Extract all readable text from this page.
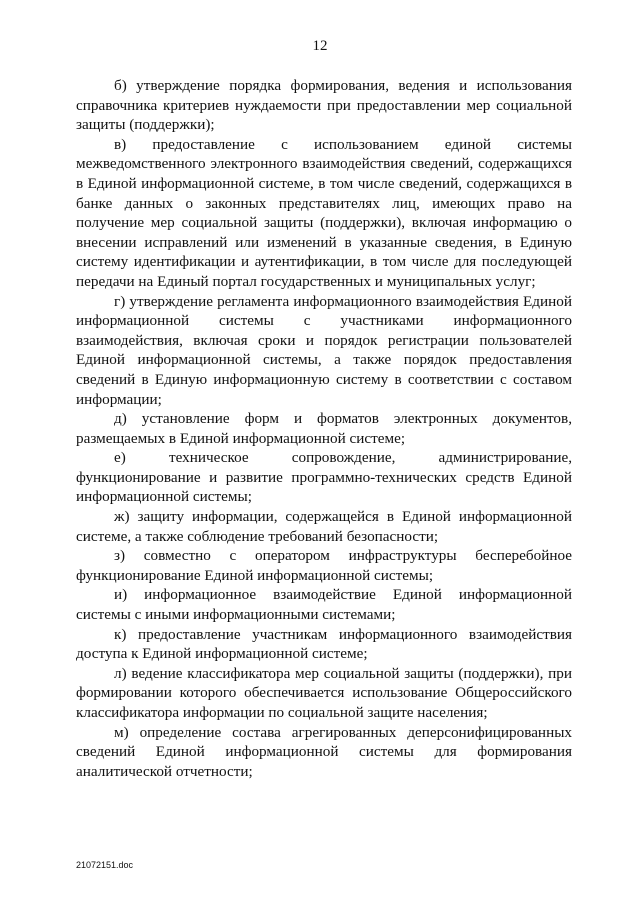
12

б) утверждение порядка формирования, ведения и использования справочника критериев нуждаемости при предоставлении мер социальной защиты (поддержки);

в) предоставление с использованием единой системы межведомственного электронного взаимодействия сведений, содержащихся в Единой информационной системе, в том числе сведений, содержащихся в банке данных о законных представителях лиц, имеющих право на получение мер социальной защиты (поддержки), включая информацию о внесении исправлений или изменений в указанные сведения, в Единую систему идентификации и аутентификации, в том числе для последующей передачи на Единый портал государственных и муниципальных услуг;

г) утверждение регламента информационного взаимодействия Единой информационной системы с участниками информационного взаимодействия, включая сроки и порядок регистрации пользователей Единой информационной системы, а также порядок предоставления сведений в Единую информационную систему в соответствии с составом информации;

д) установление форм и форматов электронных документов, размещаемых в Единой информационной системе;

е) техническое сопровождение, администрирование, функционирование и развитие программно-технических средств Единой информационной системы;

ж) защиту информации, содержащейся в Единой информационной системе, а также соблюдение требований безопасности;

з) совместно с оператором инфраструктуры бесперебойное функционирование Единой информационной системы;

и) информационное взаимодействие Единой информационной системы с иными информационными системами;

к) предоставление участникам информационного взаимодействия доступа к Единой информационной системе;

л) ведение классификатора мер социальной защиты (поддержки), при формировании которого обеспечивается использование Общероссийского классификатора информации по социальной защите населения;

м) определение состава агрегированных деперсонифицированных сведений Единой информационной системы для формирования аналитической отчетности;

21072151.doc
